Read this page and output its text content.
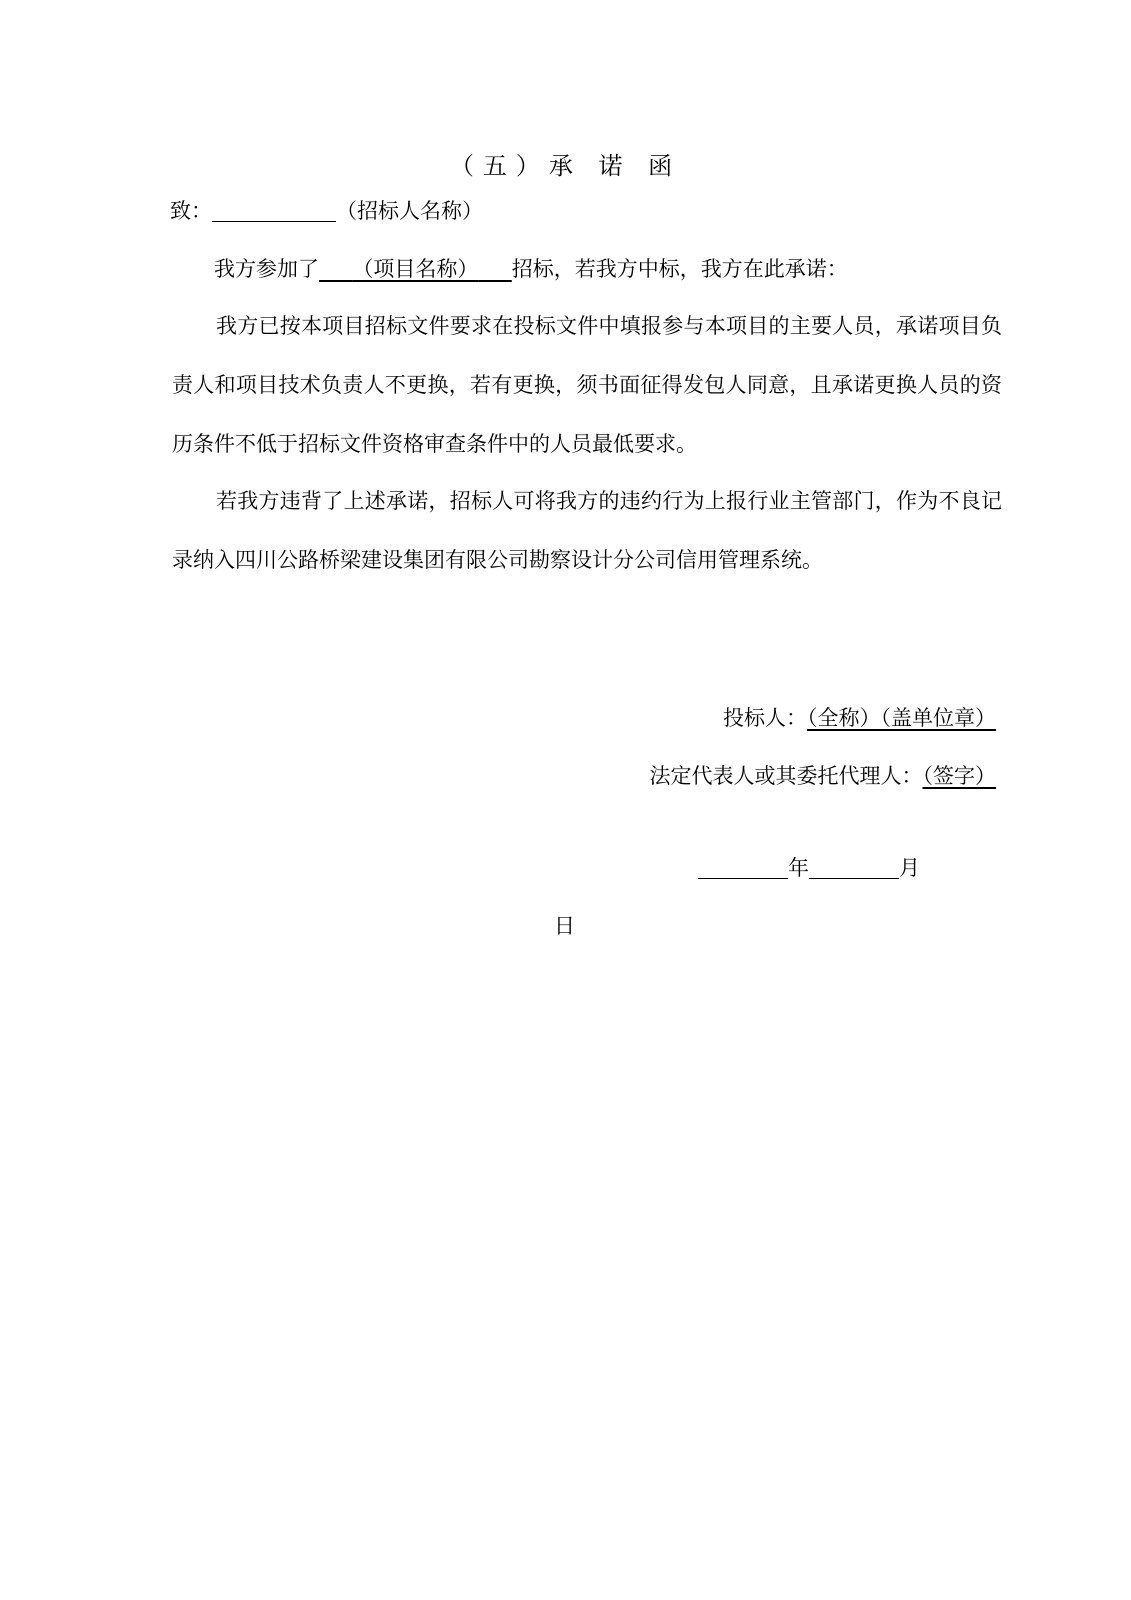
（五）承 诺 函
致：	（招标人名称）
我方参加了 （项目名称） 招标，若我方中标，我方在此承诺：
我方已按本项目招标文件要求在投标文件中填报参与本项目的主要人员，承诺项目负责人和项目技术负责人不更换，若有更换，须书面征得发包人同意，且承诺更换人员的资历条件不低于招标文件资格审查条件中的人员最低要求。
若我方违背了上述承诺，招标人可将我方的违约行为上报行业主管部门，作为不良记录纳入四川公路桥梁建设集团有限公司勘察设计分公司信用管理系统。
投标人：（全称）（盖单位章）
法定代表人或其委托代理人：（签字）
年	月
日
